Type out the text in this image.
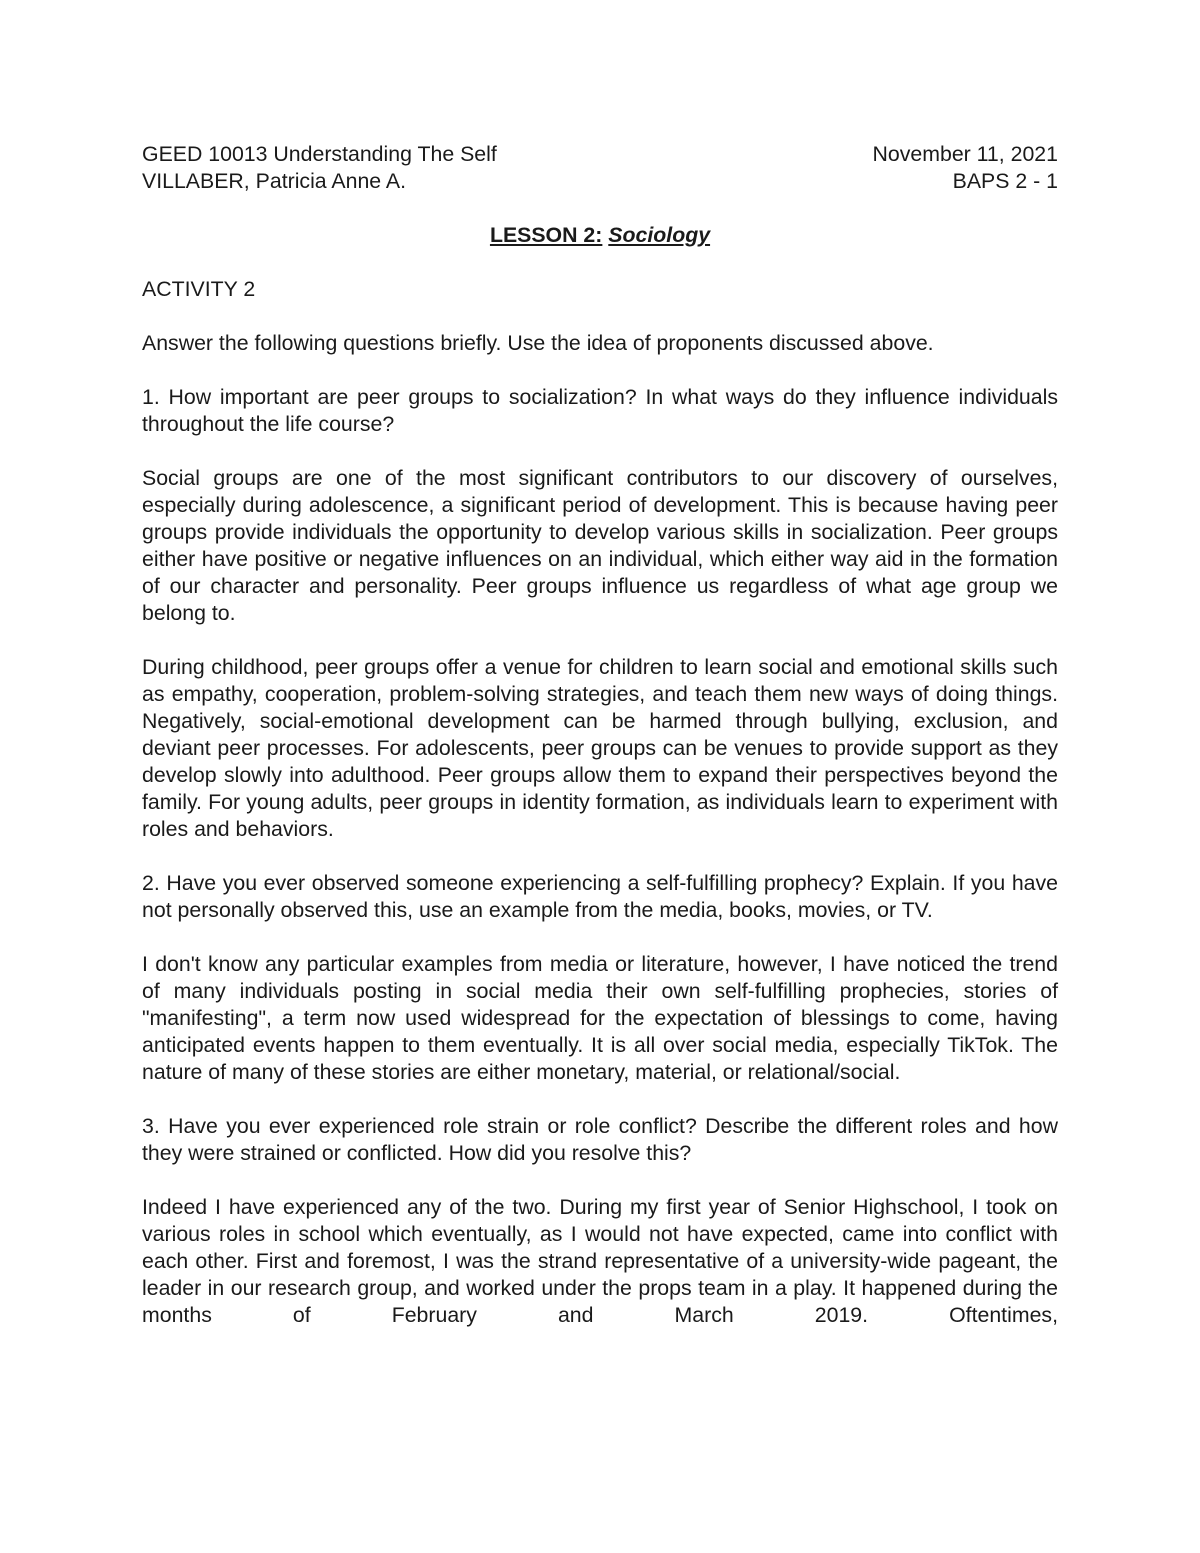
GEED 10013 Understanding The Self	November 11, 2021
VILLABER, Patricia Anne A.	BAPS 2 - 1
LESSON 2: Sociology

ACTIVITY 2

Answer the following questions briefly. Use the idea of proponents discussed above.

1. How important are peer groups to socialization? In what ways do they influence individuals throughout the life course?

Social groups are one of the most significant contributors to our discovery of ourselves, especially during adolescence, a significant period of development. This is because having peer groups provide individuals the opportunity to develop various skills in socialization. Peer groups either have positive or negative influences on an individual, which either way aid in the formation of our character and personality. Peer groups influence us regardless of what age group we belong to.

During childhood, peer groups offer a venue for children to learn social and emotional skills such as empathy, cooperation, problem-solving strategies, and teach them new ways of doing things. Negatively, social-emotional development can be harmed through bullying, exclusion, and deviant peer processes. For adolescents, peer groups can be venues to provide support as they develop slowly into adulthood. Peer groups allow them to expand their perspectives beyond the family. For young adults, peer groups in identity formation, as individuals learn to experiment with roles and behaviors.

2. Have you ever observed someone experiencing a self-fulfilling prophecy? Explain. If you have not personally observed this, use an example from the media, books, movies, or TV.

I don't know any particular examples from media or literature, however, I have noticed the trend of many individuals posting in social media their own self-fulfilling prophecies, stories of "manifesting", a term now used widespread for the expectation of blessings to come, having anticipated events happen to them eventually. It is all over social media, especially TikTok. The nature of many of these stories are either monetary, material, or relational/social.

3. Have you ever experienced role strain or role conflict? Describe the different roles and how they were strained or conflicted. How did you resolve this?

Indeed I have experienced any of the two. During my first year of Senior Highschool, I took on various roles in school which eventually, as I would not have expected, came into conflict with each other. First and foremost, I was the strand representative of a university-wide pageant, the leader in our research group, and worked under the props team in a play. It happened during the months of February and March 2019. Oftentimes,
